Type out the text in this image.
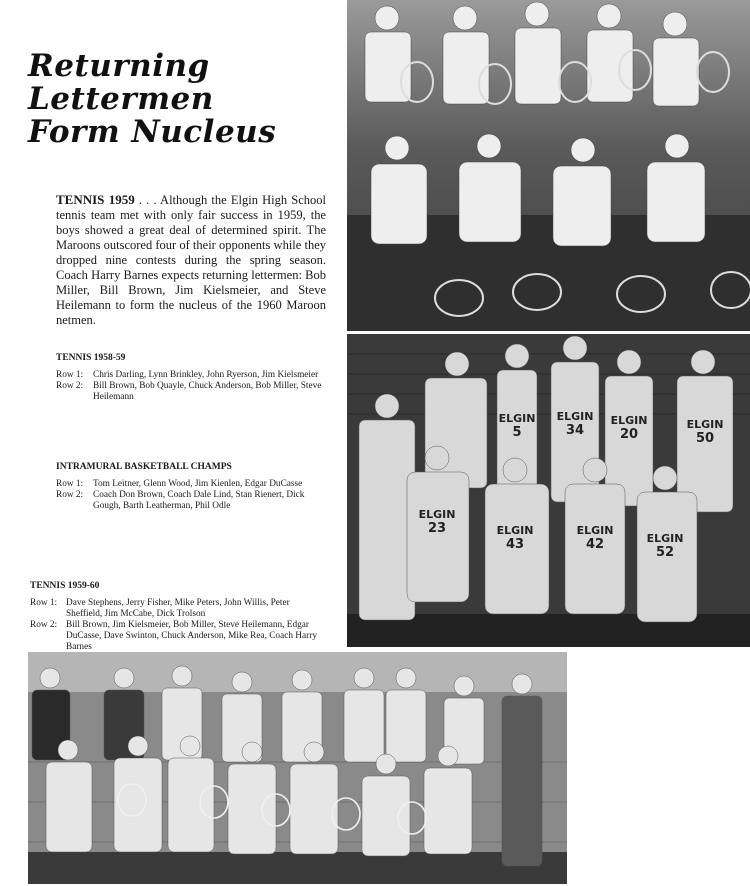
Returning Lettermen
Form Nucleus
TENNIS 1959 . . . Although the Elgin High School tennis team met with only fair success in 1959, the boys showed a great deal of determined spirit. The Maroons outscored four of their opponents while they dropped nine contests during the spring season. Coach Harry Barnes expects returning lettermen: Bob Miller, Bill Brown, Jim Kielsmeier, and Steve Heilemann to form the nucleus of the 1960 Maroon netmen.
TENNIS 1958-59
Row 1:	Chris Darling, Lynn Brinkley, John Ryerson, Jim Kielsmeier
Row 2:	Bill Brown, Bob Quayle, Chuck Anderson, Bob Miller, Steve Heilemann
INTRAMURAL BASKETBALL CHAMPS
Row 1:	Tom Leitner, Glenn Wood, Jim Kienlen, Edgar DuCasse
Row 2:	Coach Don Brown, Coach Dale Lind, Stan Rienert, Dick Gough, Barth Leatherman, Phil Odle
TENNIS 1959-60
Row 1: Dave Stephens, Jerry Fisher, Mike Peters, John Willis, Peter Sheffield, Jim McCabe, Dick Trolson
Row 2: Bill Brown, Jim Kielsmeier, Bob Miller, Steve Heilemann, Edgar DuCasse, Dave Swinton, Chuck Anderson, Mike Rea, Coach Harry Barnes
ELGIN
5
ELGIN
34
ELGIN
20
ELGIN
50
ELGIN
23	ELGIN
43
ELGIN
42	ELGIN
52
